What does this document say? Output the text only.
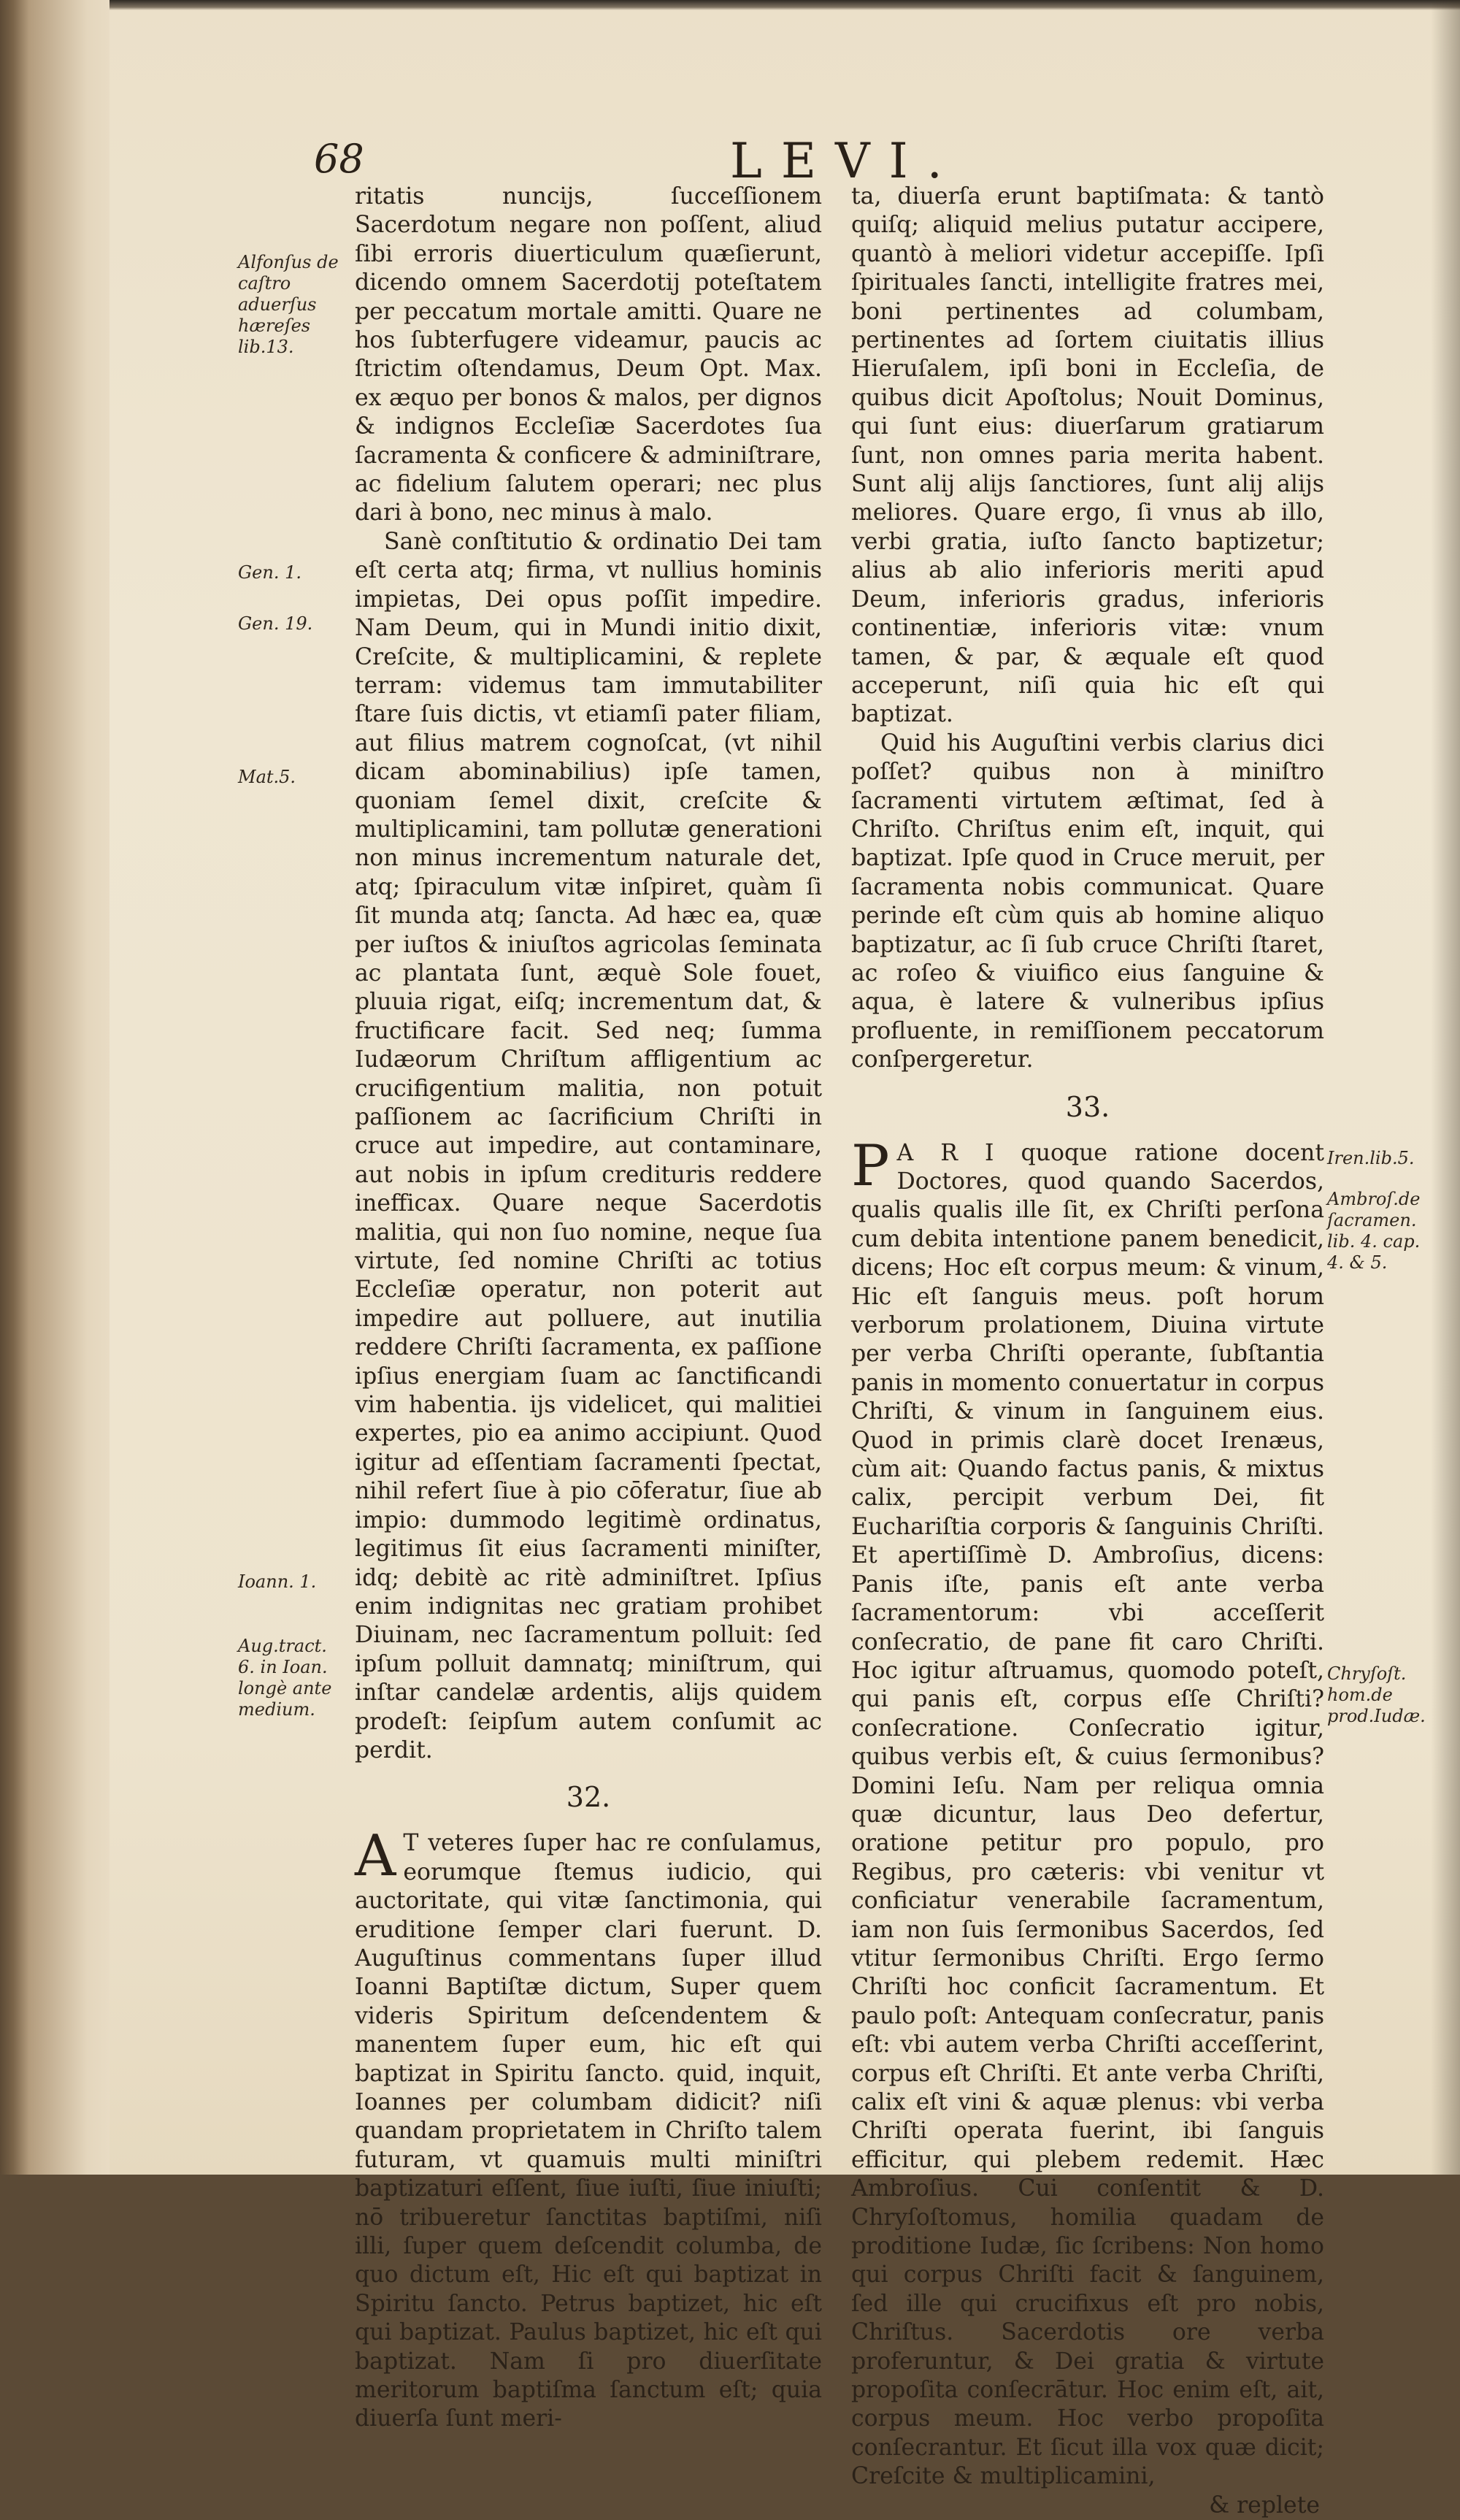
68	LEVI.
Alfonſus de caſtro aduerſus hæreſes lib.13.
Gen. 1.
Gen. 19.
Mat.5.
Ioann. 1.
Aug.tract. 6. in Ioan. longè ante medium.
Iren.lib.5.
Ambroſ.de ſacramen. lib. 4. cap. 4. & 5.
Chryſoſt. hom.de prod.Iudæ.

ritatis nuncijs, ſucceſſionem Sacerdotum negare non poſſent, aliud ſibi erroris diuerticulum quæſierunt, dicendo omnem Sacerdotij poteſtatem per peccatum mortale amitti. Quare ne hos ſubterfugere videamur, paucis ac ſtrictim oſtendamus, Deum Opt. Max. ex æquo per bonos & malos, per dignos & indignos Eccleſiæ Sacerdotes ſua ſacramenta & conficere & adminiſtrare, ac fidelium ſalutem operari; nec plus dari à bono, nec minus à malo.

Sanè conſtitutio & ordinatio Dei tam eſt certa atq; firma, vt nullius hominis impietas, Dei opus poſſit impedire. Nam Deum, qui in Mundi initio dixit, Creſcite, & multiplicamini, & replete terram: videmus tam immutabiliter ſtare ſuis dictis, vt etiamſi pater filiam, aut filius matrem cognoſcat, (vt nihil dicam abominabilius) ipſe tamen, quoniam ſemel dixit, creſcite & multiplicamini, tam pollutæ generationi non minus incrementum naturale det, atq; ſpiraculum vitæ inſpiret, quàm ſi ſit munda atq; ſancta. Ad hæc ea, quæ per iuſtos & iniuſtos agricolas ſeminata ac plantata ſunt, æquè Sole fouet, pluuia rigat, eiſq; incrementum dat, & fructificare facit. Sed neq; ſumma Iudæorum Chriſtum affligentium ac crucifigentium malitia, non potuit paſſionem ac ſacrificium Chriſti in cruce aut impedire, aut contaminare, aut nobis in ipſum credituris reddere inefficax. Quare neque Sacerdotis malitia, qui non ſuo nomine, neque ſua virtute, ſed nomine Chriſti ac totius Eccleſiæ operatur, non poterit aut impedire aut polluere, aut inutilia reddere Chriſti ſacramenta, ex paſſione ipſius energiam ſuam ac ſanctificandi vim habentia. ijs videlicet, qui malitiei expertes, pio ea animo accipiunt. Quod igitur ad eſſentiam ſacramenti ſpectat, nihil refert ſiue à pio cōferatur, ſiue ab impio: dummodo legitimè ordinatus, legitimus ſit eius ſacramenti miniſter, idq; debitè ac ritè adminiſtret. Ipſius enim indignitas nec gratiam prohibet Diuinam, nec ſacramentum polluit: ſed ipſum polluit damnatq; miniſtrum, qui inſtar candelæ ardentis, alijs quidem prodeſt: ſeipſum autem conſumit ac perdit.

32.

A T veteres ſuper hac re conſulamus, eorumque ſtemus iudicio, qui auctoritate, qui vitæ ſanctimonia, qui eruditione ſemper clari fuerunt. D. Auguſtinus commentans ſuper illud Ioanni Baptiſtæ dictum, Super quem videris Spiritum deſcendentem & manentem ſuper eum, hic eſt qui baptizat in Spiritu ſancto. quid, inquit, Ioannes per columbam didicit? niſi quandam proprietatem in Chriſto talem futuram, vt quamuis multi miniſtri baptizaturi eſſent, ſiue iuſti, ſiue iniuſti; nō tribueretur ſanctitas baptiſmi, niſi illi, ſuper quem deſcendit columba, de quo dictum eſt, Hic eſt qui baptizat in Spiritu ſancto. Petrus baptizet, hic eſt qui baptizat. Paulus baptizet, hic eſt qui baptizat. Nam ſi pro diuerſitate meritorum baptiſma ſanctum eſt; quia diuerſa ſunt meri-

ta, diuerſa erunt baptiſmata: & tantò quiſq; aliquid melius putatur accipere, quantò à meliori videtur accepiſſe. Ipſi ſpirituales ſancti, intelligite fratres mei, boni pertinentes ad columbam, pertinentes ad ſortem ciuitatis illius Hieruſalem, ipſi boni in Eccleſia, de quibus dicit Apoſtolus; Nouit Dominus, qui ſunt eius: diuerſarum gratiarum ſunt, non omnes paria merita habent. Sunt alij alijs ſanctiores, ſunt alij alijs meliores. Quare ergo, ſi vnus ab illo, verbi gratia, iuſto ſancto baptizetur; alius ab alio inferioris meriti apud Deum, inferioris gradus, inferioris continentiæ, inferioris vitæ: vnum tamen, & par, & æquale eſt quod acceperunt, niſi quia hic eſt qui baptizat.

Quid his Auguſtini verbis clarius dici poſſet? quibus non à miniſtro ſacramenti virtutem æſtimat, ſed à Chriſto. Chriſtus enim eſt, inquit, qui baptizat. Ipſe quod in Cruce meruit, per ſacramenta nobis communicat. Quare perinde eſt cùm quis ab homine aliquo baptizatur, ac ſi ſub cruce Chriſti ſtaret, ac roſeo & viuifico eius ſanguine & aqua, è latere & vulneribus ipſius profluente, in remiſſionem peccatorum conſpergeretur.

33.

P A R I quoque ratione docent Doctores, quod quando Sacerdos, qualis qualis ille ſit, ex Chriſti perſona cum debita intentione panem benedicit, dicens; Hoc eſt corpus meum: & vinum, Hic eſt ſanguis meus. poſt horum verborum prolationem, Diuina virtute per verba Chriſti operante, ſubſtantia panis in momento conuertatur in corpus Chriſti, & vinum in ſanguinem eius. Quod in primis clarè docet Irenæus, cùm ait: Quando factus panis, & mixtus calix, percipit verbum Dei, fit Euchariſtia corporis & ſanguinis Chriſti. Et apertiſſimè D. Ambroſius, dicens: Panis iſte, panis eſt ante verba ſacramentorum: vbi acceſſerit conſecratio, de pane fit caro Chriſti. Hoc igitur aſtruamus, quomodo poteſt, qui panis eſt, corpus eſſe Chriſti? conſecratione. Conſecratio igitur, quibus verbis eſt, & cuius ſermonibus? Domini Ieſu. Nam per reliqua omnia quæ dicuntur, laus Deo defertur, oratione petitur pro populo, pro Regibus, pro cæteris: vbi venitur vt conficiatur venerabile ſacramentum, iam non ſuis ſermonibus Sacerdos, ſed vtitur ſermonibus Chriſti. Ergo ſermo Chriſti hoc conficit ſacramentum. Et paulo poſt: Antequam conſecratur, panis eſt: vbi autem verba Chriſti acceſſerint, corpus eſt Chriſti. Et ante verba Chriſti, calix eſt vini & aquæ plenus: vbi verba Chriſti operata fuerint, ibi ſanguis efficitur, qui plebem redemit. Hæc Ambroſius. Cui conſentit & D. Chryſoſtomus, homilia quadam de proditione Iudæ, ſic ſcribens: Non homo qui corpus Chriſti facit & ſanguinem, ſed ille qui crucifixus eſt pro nobis, Chriſtus. Sacerdotis ore verba proferuntur, & Dei gratia & virtute propoſita conſecrātur. Hoc enim eſt, ait, corpus meum. Hoc verbo propoſita conſecrantur. Et ſicut illa vox quæ dicit; Creſcite & multiplicamini,

& replete
